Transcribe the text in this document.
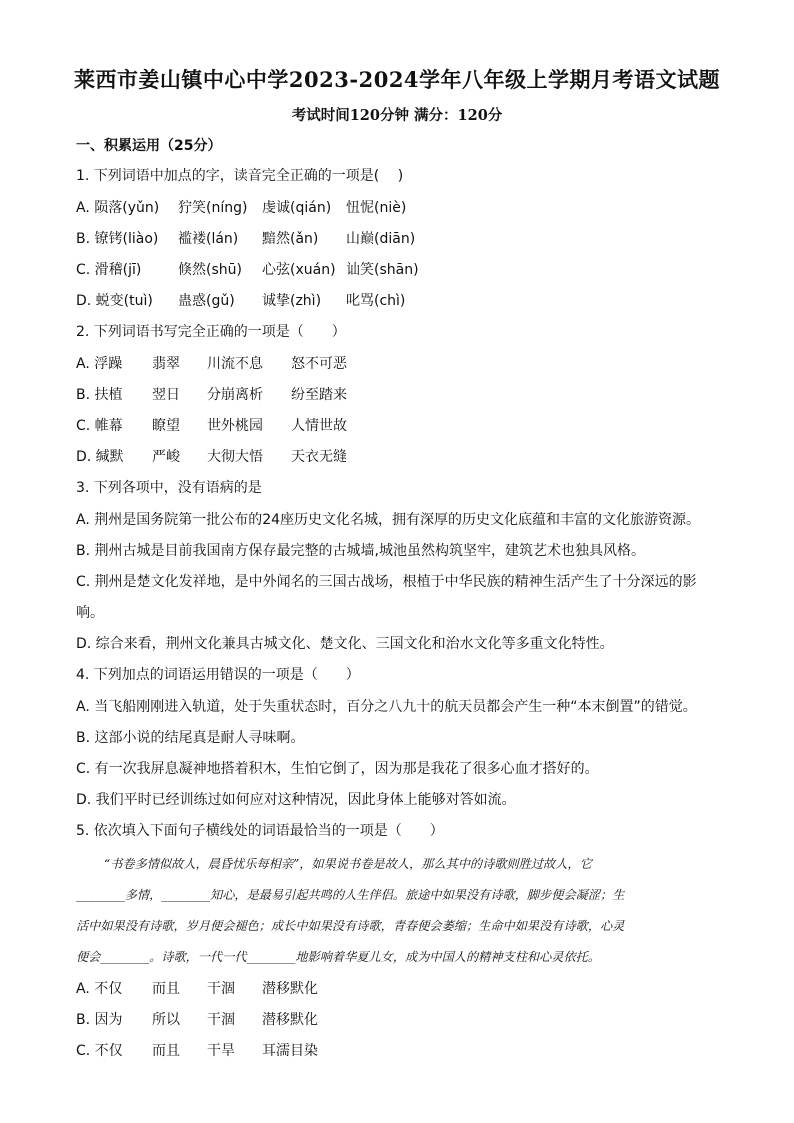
莱西市姜山镇中心中学2023-2024学年八年级上学期月考语文试题
考试时间120分钟 满分：120分
一、积累运用（25分）
1. 下列词语中加点的字，读音完全正确的一项是(　 )
A. 陨落(yǔn) 狞笑(níng) 虔诚(qián) 忸怩(niè)
B. 镣铐(liào) 褴褛(lán) 黯然(ǎn) 山巅(diān)
C. 滑稽(jī)	倏然(shū) 心弦(xuán) 讪笑(shān)
D. 蜕变(tuì) 蛊惑(gǔ) 诚挚(zhì) 叱骂(chì)
2. 下列词语书写完全正确的一项是（　　）
A. 浮躁 翡翠 川流不息 怒不可恶
B. 扶植 翌日 分崩离析 纷至踏来
C. 帷幕 瞭望 世外桃园 人情世故
D. 缄默 严峻 大彻大悟 天衣无缝
3. 下列各项中，没有语病的是
A. 荆州是国务院第一批公布的24座历史文化名城，拥有深厚的历史文化底蕴和丰富的文化旅游资源。
B. 荆州古城是目前我国南方保存最完整的古城墙,城池虽然构筑坚牢，建筑艺术也独具风格。
C. 荆州是楚文化发祥地，是中外闻名的三国古战场，根植于中华民族的精神生活产生了十分深远的影
响。
D. 综合来看，荆州文化兼具古城文化、楚文化、三国文化和治水文化等多重文化特性。
4. 下列加点的词语运用错误的一项是（　　）
A. 当飞船刚刚进入轨道，处于失重状态时，百分之八九十的航天员都会产生一种“本末倒置”的错觉。
B. 这部小说的结尾真是耐人寻味啊。
C. 有一次我屏息凝神地搭着积木，生怕它倒了，因为那是我花了很多心血才搭好的。
D. 我们平时已经训练过如何应对这种情况，因此身体上能够对答如流。
5. 依次填入下面句子横线处的词语最恰当的一项是（　　）
“书卷多情似故人，晨昏忧乐每相亲”，如果说书卷是故人，那么其中的诗歌则胜过故人，它
________多情，________知心，是最易引起共鸣的人生伴侣。旅途中如果没有诗歌，脚步便会凝涩；生
活中如果没有诗歌，岁月便会褪色；成长中如果没有诗歌，青春便会萎缩；生命中如果没有诗歌，心灵
便会________。诗歌，一代一代________地影响着华夏儿女，成为中国人的精神支柱和心灵依托。
A. 不仅 而且 干涸 潜移默化
B. 因为 所以 干涸 潜移默化
C. 不仅 而且 干旱 耳濡目染
